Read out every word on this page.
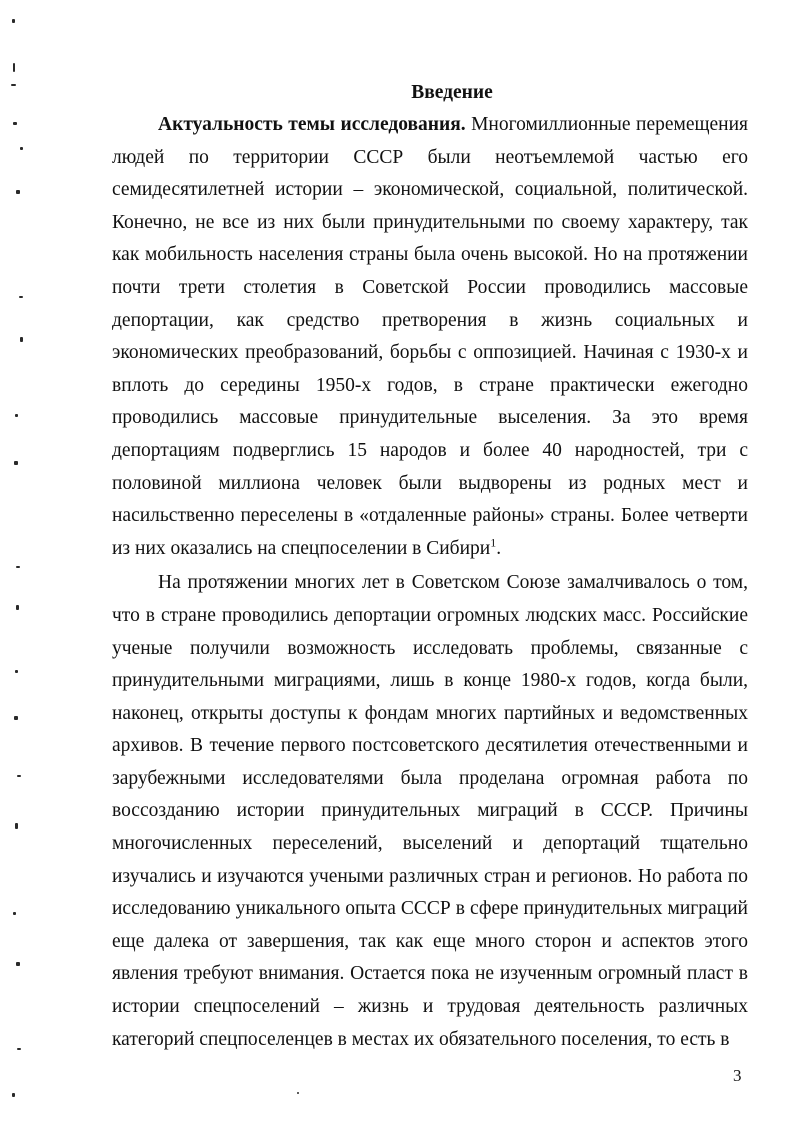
Введение

Актуальность темы исследования. Многомиллионные перемещения людей по территории СССР были неотъемлемой частью его семидесятилетней истории – экономической, социальной, политической. Конечно, не все из них были принудительными по своему характеру, так как мобильность населения страны была очень высокой. Но на протяжении почти трети столетия в Советской России проводились массовые депортации, как средство претворения в жизнь социальных и экономических преобразований, борьбы с оппозицией. Начиная с 1930-х и вплоть до середины 1950-х годов, в стране практически ежегодно проводились массовые принудительные выселения. За это время депортациям подверглись 15 народов и более 40 народностей, три с половиной миллиона человек были выдворены из родных мест и насильственно переселены в «отдаленные районы» страны. Более четверти из них оказались на спецпоселении в Сибири$^1$.

На протяжении многих лет в Советском Союзе замалчивалось о том, что в стране проводились депортации огромных людских масс. Российские ученые получили возможность исследовать проблемы, связанные с принудительными миграциями, лишь в конце 1980-х годов, когда были, наконец, открыты доступы к фондам многих партийных и ведомственных архивов. В течение первого постсоветского десятилетия отечественными и зарубежными исследователями была проделана огромная работа по воссозданию истории принудительных миграций в СССР. Причины многочисленных переселений, выселений и депортаций тщательно изучались и изучаются учеными различных стран и регионов. Но работа по исследованию уникального опыта СССР в сфере принудительных миграций еще далека от завершения, так как еще много сторон и аспектов этого явления требуют внимания. Остается пока не изученным огромный пласт в истории спецпоселений – жизнь и трудовая деятельность различных категорий спецпоселенцев в местах их обязательного поселения, то есть в

3
